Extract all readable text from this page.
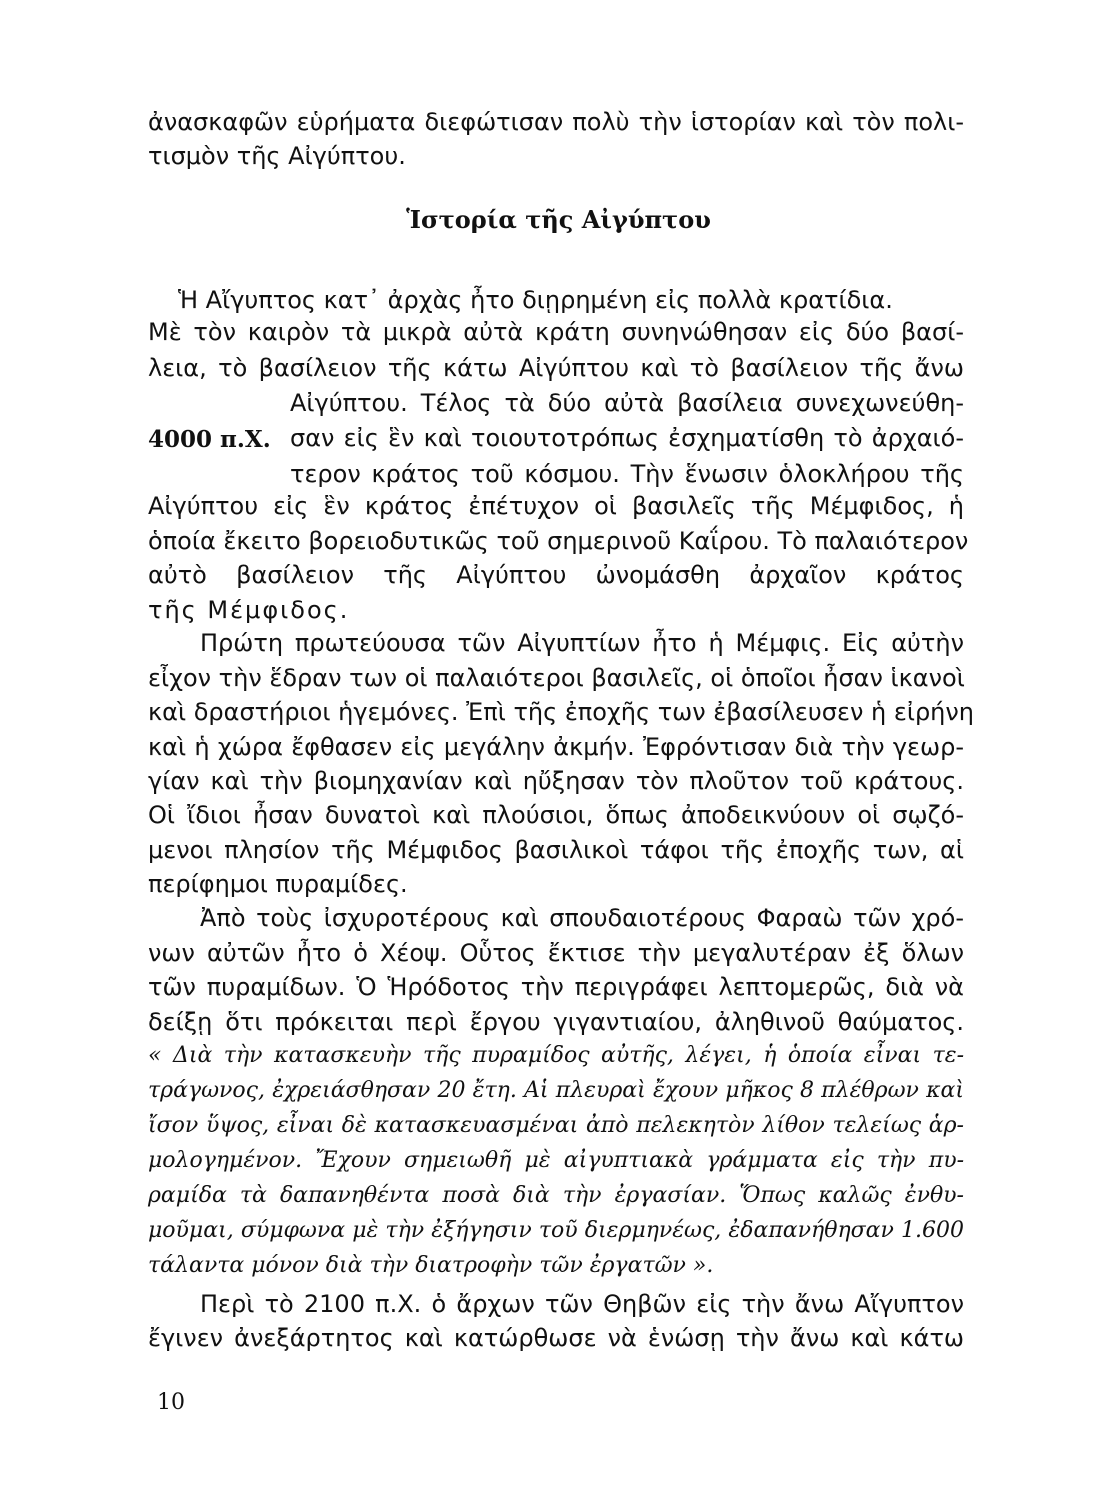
ἀνασκαφῶν εὑρήματα διεφώτισαν πολὺ τὴν ἱστορίαν καὶ τὸν πολι-
τισμὸν τῆς Αἰγύπτου.
Ἱστορία τῆς Αἰγύπτου
Ἡ Αἴγυπτος κατ᾽ ἀρχὰς ἦτο διῃρημένη εἰς πολλὰ κρατίδια.
Μὲ τὸν καιρὸν τὰ μικρὰ αὐτὰ κράτη συνηνώθησαν εἰς δύο βασί-
λεια, τὸ βασίλειον τῆς κάτω Αἰγύπτου καὶ τὸ βασίλειον τῆς ἄνω
Αἰγύπτου. Τέλος τὰ δύο αὐτὰ βασίλεια συνεχωνεύθη-
4000 π.Χ. σαν εἰς ἓν καὶ τοιουτοτρόπως ἐσχηματίσθη τὸ ἀρχαιό-
τερον κράτος τοῦ κόσμου. Τὴν ἕνωσιν ὁλοκλήρου τῆς
Αἰγύπτου εἰς ἓν κράτος ἐπέτυχον οἱ βασιλεῖς τῆς Μέμφιδος, ἡ
ὁποία ἔκειτο βορειοδυτικῶς τοῦ σημερινοῦ Καΐρου. Τὸ παλαιότερον
αὐτὸ βασίλειον τῆς Αἰγύπτου ὠνομάσθη ἀρχαῖον κράτος
τῆς Μέμφιδος.
Πρώτη πρωτεύουσα τῶν Αἰγυπτίων ἦτο ἡ Μέμφις. Εἰς αὐτὴν
εἶχον τὴν ἕδραν των οἱ παλαιότεροι βασιλεῖς, οἱ ὁποῖοι ἦσαν ἱκανοὶ
καὶ δραστήριοι ἡγεμόνες. Ἐπὶ τῆς ἐποχῆς των ἐβασίλευσεν ἡ εἰρήνη
καὶ ἡ χώρα ἔφθασεν εἰς μεγάλην ἀκμήν. Ἐφρόντισαν διὰ τὴν γεωρ-
γίαν καὶ τὴν βιομηχανίαν καὶ ηὔξησαν τὸν πλοῦτον τοῦ κράτους.
Οἱ ἴδιοι ἦσαν δυνατοὶ καὶ πλούσιοι, ὅπως ἀποδεικνύουν οἱ σῳζό-
μενοι πλησίον τῆς Μέμφιδος βασιλικοὶ τάφοι τῆς ἐποχῆς των, αἱ
περίφημοι πυραμίδες.
Ἀπὸ τοὺς ἰσχυροτέρους καὶ σπουδαιοτέρους Φαραὼ τῶν χρό-
νων αὐτῶν ἦτο ὁ Χέοψ. Οὗτος ἔκτισε τὴν μεγαλυτέραν ἐξ ὅλων
τῶν πυραμίδων. Ὁ Ἡρόδοτος τὴν περιγράφει λεπτομερῶς, διὰ νὰ
δείξῃ ὅτι πρόκειται περὶ ἔργου γιγαντιαίου, ἀληθινοῦ θαύματος.
« Διὰ τὴν κατασκευὴν τῆς πυραμίδος αὐτῆς, λέγει, ἡ ὁποία εἶναι τε-
τράγωνος, ἐχρειάσθησαν 20 ἔτη. Αἱ πλευραὶ ἔχουν μῆκος 8 πλέθρων καὶ
ἴσον ὕψος, εἶναι δὲ κατασκευασμέναι ἀπὸ πελεκητὸν λίθον τελείως ἁρ-
μολογημένον. Ἔχουν σημειωθῆ μὲ αἰγυπτιακὰ γράμματα εἰς τὴν πυ-
ραμίδα τὰ δαπανηθέντα ποσὰ διὰ τὴν ἐργασίαν. Ὅπως καλῶς ἐνθυ-
μοῦμαι, σύμφωνα μὲ τὴν ἐξήγησιν τοῦ διερμηνέως, ἐδαπανήθησαν 1.600
τάλαντα μόνον διὰ τὴν διατροφὴν τῶν ἐργατῶν ».
Περὶ τὸ 2100 π.Χ. ὁ ἄρχων τῶν Θηβῶν εἰς τὴν ἄνω Αἴγυπτον
ἔγινεν ἀνεξάρτητος καὶ κατώρθωσε νὰ ἑνώσῃ τὴν ἄνω καὶ κάτω
10
